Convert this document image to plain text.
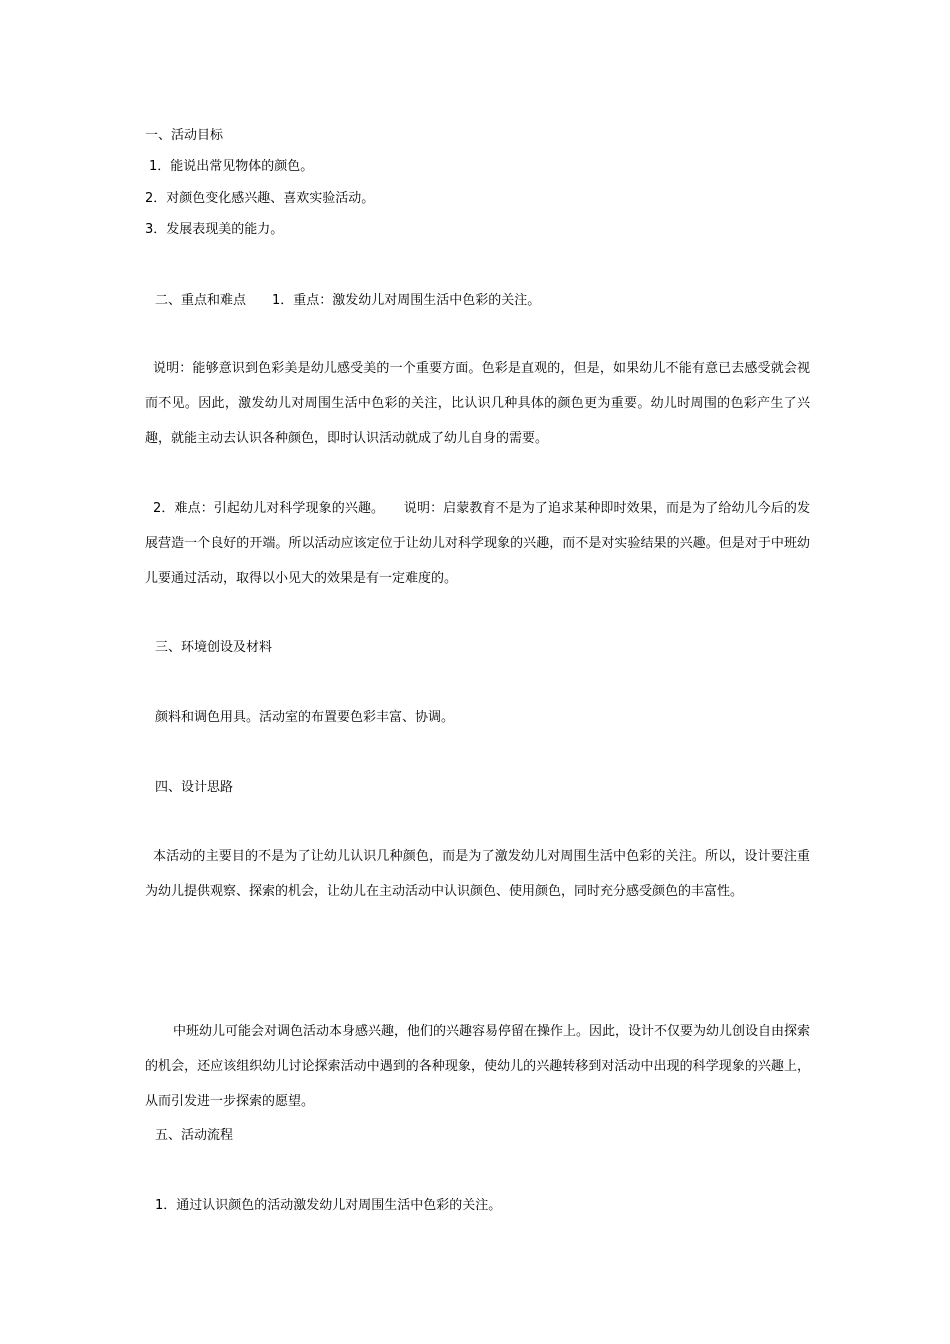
一、活动目标
1．能说出常见物体的颜色。
2．对颜色变化感兴趣、喜欢实验活动。
3．发展表现美的能力。
二、重点和难点　　1．重点：激发幼儿对周围生活中色彩的关注。
说明：能够意识到色彩美是幼儿感受美的一个重要方面。色彩是直观的，但是，如果幼儿不能有意已去感受就会视而不见。因此，激发幼儿对周围生活中色彩的关注，比认识几种具体的颜色更为重要。幼儿时周围的色彩产生了兴趣，就能主动去认识各种颜色，即时认识活动就成了幼儿自身的需要。
2．难点：引起幼儿对科学现象的兴趣。　　说明：启蒙教育不是为了追求某种即时效果，而是为了给幼儿今后的发展营造一个良好的开端。所以活动应该定位于让幼儿对科学现象的兴趣，而不是对实验结果的兴趣。但是对于中班幼儿要通过活动，取得以小见大的效果是有一定难度的。
三、环境创设及材料
颜料和调色用具。活动室的布置要色彩丰富、协调。
四、设计思路
本活动的主要目的不是为了让幼儿认识几种颜色，而是为了激发幼儿对周围生活中色彩的关注。所以，设计要注重为幼儿提供观察、探索的机会，让幼儿在主动活动中认识颜色、使用颜色，同时充分感受颜色的丰富性。
中班幼儿可能会对调色活动本身感兴趣，他们的兴趣容易停留在操作上。因此，设计不仅要为幼儿创设自由探索的机会，还应该组织幼儿讨论探索活动中遇到的各种现象，使幼儿的兴趣转移到对活动中出现的科学现象的兴趣上，从而引发进一步探索的愿望。
五、活动流程
1．通过认识颜色的活动激发幼儿对周围生活中色彩的关注。
